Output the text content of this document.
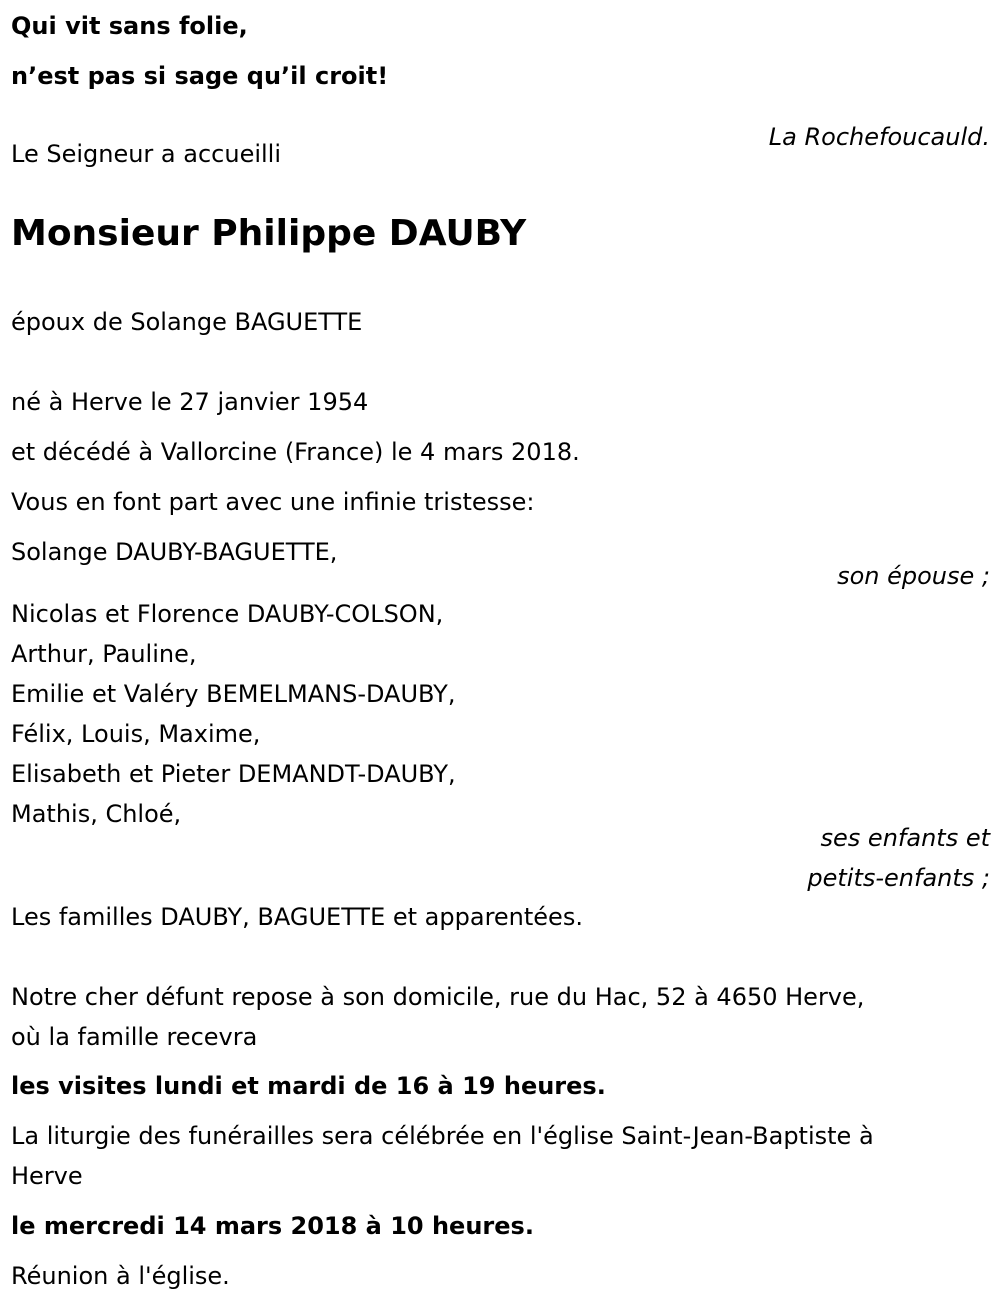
Qui vit sans folie,
n’est pas si sage qu’il croit!
La Rochefoucauld.
Le Seigneur a accueilli
Monsieur Philippe DAUBY
époux de Solange BAGUETTE
né à Herve le 27 janvier 1954
et décédé à Vallorcine (France) le 4 mars 2018.
Vous en font part avec une infinie tristesse:
Solange DAUBY-BAGUETTE,
son épouse ;
Nicolas et Florence DAUBY-COLSON,
Arthur, Pauline,
Emilie et Valéry BEMELMANS-DAUBY,
Félix, Louis, Maxime,
Elisabeth et Pieter DEMANDT-DAUBY,
Mathis, Chloé,
ses enfants et
petits-enfants ;
Les familles DAUBY, BAGUETTE et apparentées.
Notre cher défunt repose à son domicile, rue du Hac, 52 à 4650 Herve,
où la famille recevra
les visites lundi et mardi de 16 à 19 heures.
La liturgie des funérailles sera célébrée en l'église Saint-Jean-Baptiste à
Herve
le mercredi 14 mars 2018 à 10 heures.
Réunion à l'église.
